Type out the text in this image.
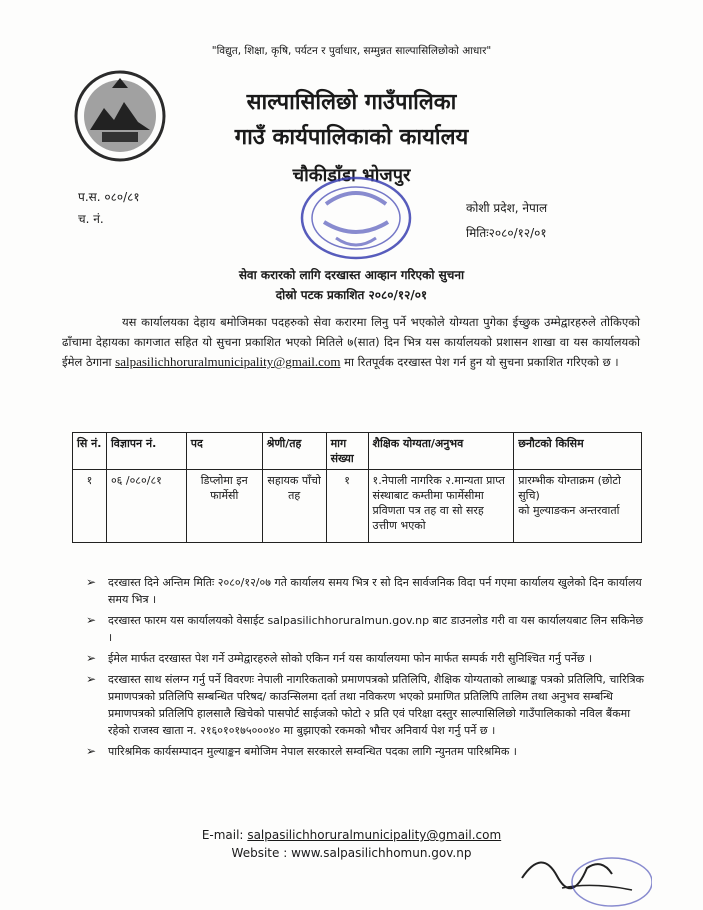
"विद्युत, शिक्षा, कृषि, पर्यटन र पुर्वाधार, सम्मुन्नत साल्पासिलिछोको आधार"
साल्पासिलिछो गाउँपालिका
गाउँ कार्यपालिकाको कार्यालय
चौकीडाँडा भोजपुर
प.स. ०८०/८१
च. नं.
कोशी प्रदेश, नेपाल
मितिः२०८०/१२/०१
सेवा करारको लागि दरखास्त आव्हान गरिएको सुचना
दोस्रो पटक प्रकाशित २०८०/१२/०१
यस कार्यालयका देहाय बमोजिमका पदहरुको सेवा करारमा लिनु पर्ने भएकोले योग्यता पुगेका ईच्छुक उम्मेद्वारहरुले तोकिएको ढाँचामा देहायका कागजात सहित यो सुचना प्रकाशित भएको मितिले ७(सात) दिन भित्र यस कार्यालयको प्रशासन शाखा वा यस कार्यालयको ईमेल ठेगाना salpasilichhoruralmunicipality@gmail.com मा रितपूर्वक दरखास्त पेश गर्न हुन यो सुचना प्रकाशित गरिएको छ ।
सि नं.	विज्ञापन नं.	पद	श्रेणी/तह	माग संख्या	शैक्षिक योग्यता/अनुभव	छनौटको किसिम
१	०६ /०८०/८१	डिप्लोमा इन फार्मेसी	सहायक पाँचो तह	१	१.नेपाली नागरिक २.मान्यता प्राप्त संस्थाबाट कम्तीमा फार्मेसीमा प्रविणता पत्र तह वा सो सरह उत्तीण भएको	प्रारम्भीक योग्ताक्रम (छोटो सुचि)
को मुल्याङकन अन्तरवार्ता
➢ दरखास्त दिने अन्तिम मितिः २०८०/१२/०७ गते कार्यालय समय भित्र र सो दिन सार्वजनिक विदा पर्न गएमा कार्यालय खुलेको दिन कार्यालय समय भित्र ।
➢ दरखास्त फारम यस कार्यालयको वेसाईट salpasilichhoruralmun.gov.np बाट डाउनलोड गरी वा यस कार्यालयबाट लिन सकिनेछ ।
➢ ईमेल मार्फत दरखास्त पेश गर्ने उम्मेद्वारहरुले सोको एकिन गर्न यस कार्यालयमा फोन मार्फत सम्पर्क गरी सुनिश्चित गर्नु पर्नेछ ।
➢ दरखास्त साथ संलग्न गर्नु पर्ने विवरणः नेपाली नागरिकताको प्रमाणपत्रको प्रतिलिपि, शैक्षिक योग्यताको लाब्धाङ्क पत्रको प्रतिलिपि, चारित्रिक प्रमाणपत्रको प्रतिलिपि सम्बन्धित परिषद/ काउन्सिलमा दर्ता तथा नविकरण भएको प्रमाणित प्रतिलिपि तालिम तथा अनुभव सम्बन्धि प्रमाणपत्रको प्रतिलिपि हालसालै खिचेको पासपोर्ट साईजको फोटो २ प्रति एवं परिक्षा दस्तुर साल्पासिलिछो गाउँपालिकाको नविल बैंकमा रहेको राजस्व खाता न. २१६०१०१७५०००४० मा बुझाएको रकमको भौचर अनिवार्य पेश गर्नु पर्ने छ ।
➢ पारिश्रमिक कार्यसम्पादन मुल्याङ्कन बमोजिम नेपाल सरकारले सम्वन्धित पदका लागि न्युनतम पारिश्रमिक ।
E-mail: salpasilichhoruralmunicipality@gmail.com
Website : www.salpasilichhomun.gov.np
